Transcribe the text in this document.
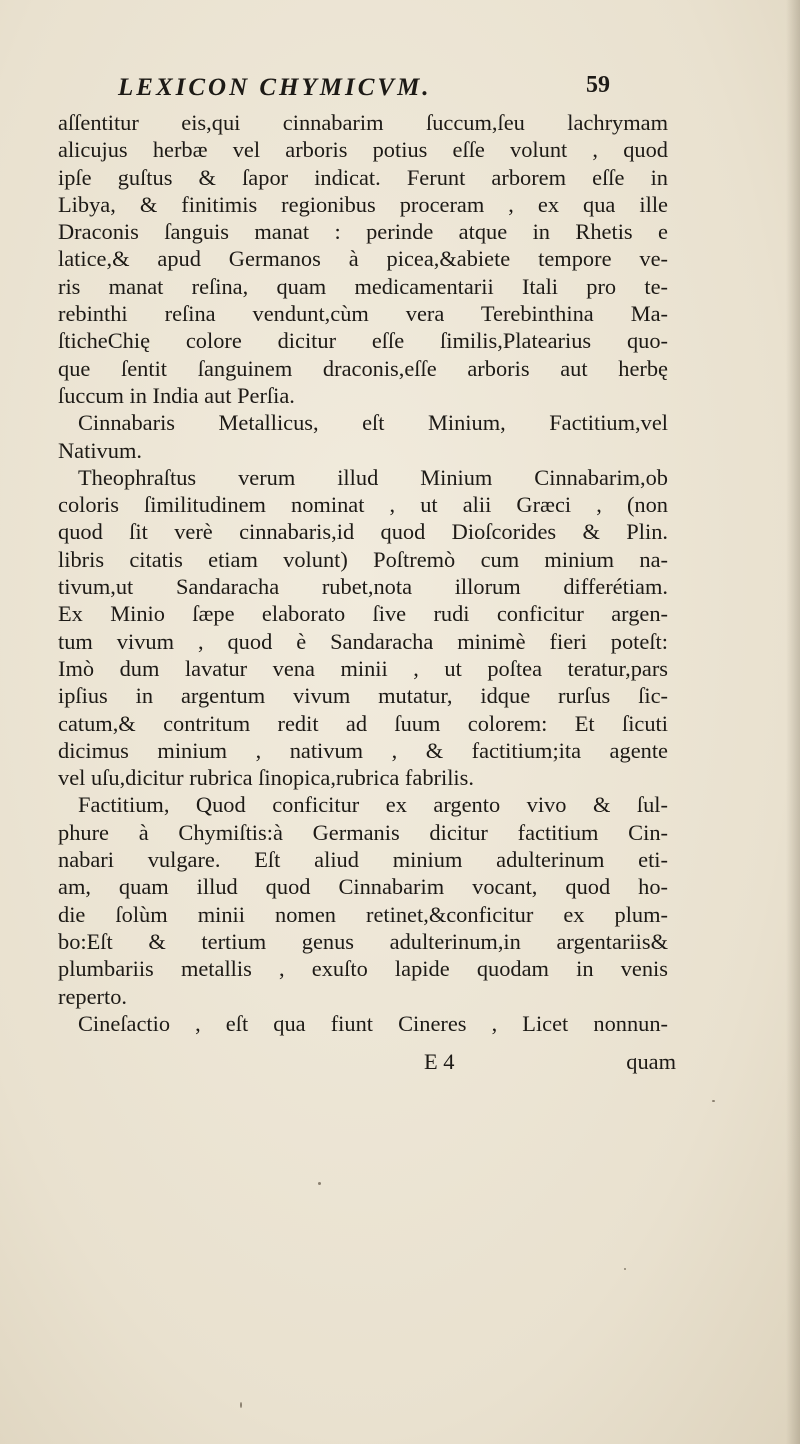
LEXICON CHYMICVM.	59
aſſentitur eis,qui cinnabarim ſuccum,ſeu lachrymam
alicujus herbæ vel arboris potius eſſe volunt , quod
ipſe guſtus & ſapor indicat. Ferunt arborem eſſe in
Libya, & finitimis regionibus proceram , ex qua ille
Draconis ſanguis manat : perinde atque in Rhetis e
latice,& apud Germanos à picea,&abiete tempore ve-
ris manat reſina, quam medicamentarii Itali pro te-
rebinthi reſina vendunt,cùm vera Terebinthina Ma-
ſticheChię colore dicitur eſſe ſimilis,Platearius quo-
que ſentit ſanguinem draconis,eſſe arboris aut herbę
ſuccum in India aut Perſia.
Cinnabaris Metallicus, eſt Minium, Factitium,vel
Nativum.
Theophraſtus verum illud Minium Cinnabarim,ob
coloris ſimilitudinem nominat , ut alii Græci , (non
quod ſit verè cinnabaris,id quod Dioſcorides & Plin.
libris citatis etiam volunt) Poſtremò cum minium na-
tivum,ut Sandaracha rubet,nota illorum differétiam.
Ex Minio ſæpe elaborato ſive rudi conficitur argen-
tum vivum , quod è Sandaracha minimè fieri poteſt:
Imò dum lavatur vena minii , ut poſtea teratur,pars
ipſius in argentum vivum mutatur, idque rurſus ſic-
catum,& contritum redit ad ſuum colorem: Et ſicuti
dicimus minium , nativum , & factitium;ita agente
vel uſu,dicitur rubrica ſinopica,rubrica fabrilis.
Factitium, Quod conficitur ex argento vivo & ſul-
phure à Chymiſtis:à Germanis dicitur factitium Cin-
nabari vulgare. Eſt aliud minium adulterinum eti-
am, quam illud quod Cinnabarim vocant, quod ho-
die ſolùm minii nomen retinet,&conficitur ex plum-
bo:Eſt & tertium genus adulterinum,in argentariis&
plumbariis metallis , exuſto lapide quodam in venis
reperto.
Cineſactio , eſt qua fiunt Cineres , Licet nonnun-
E 4	quam
